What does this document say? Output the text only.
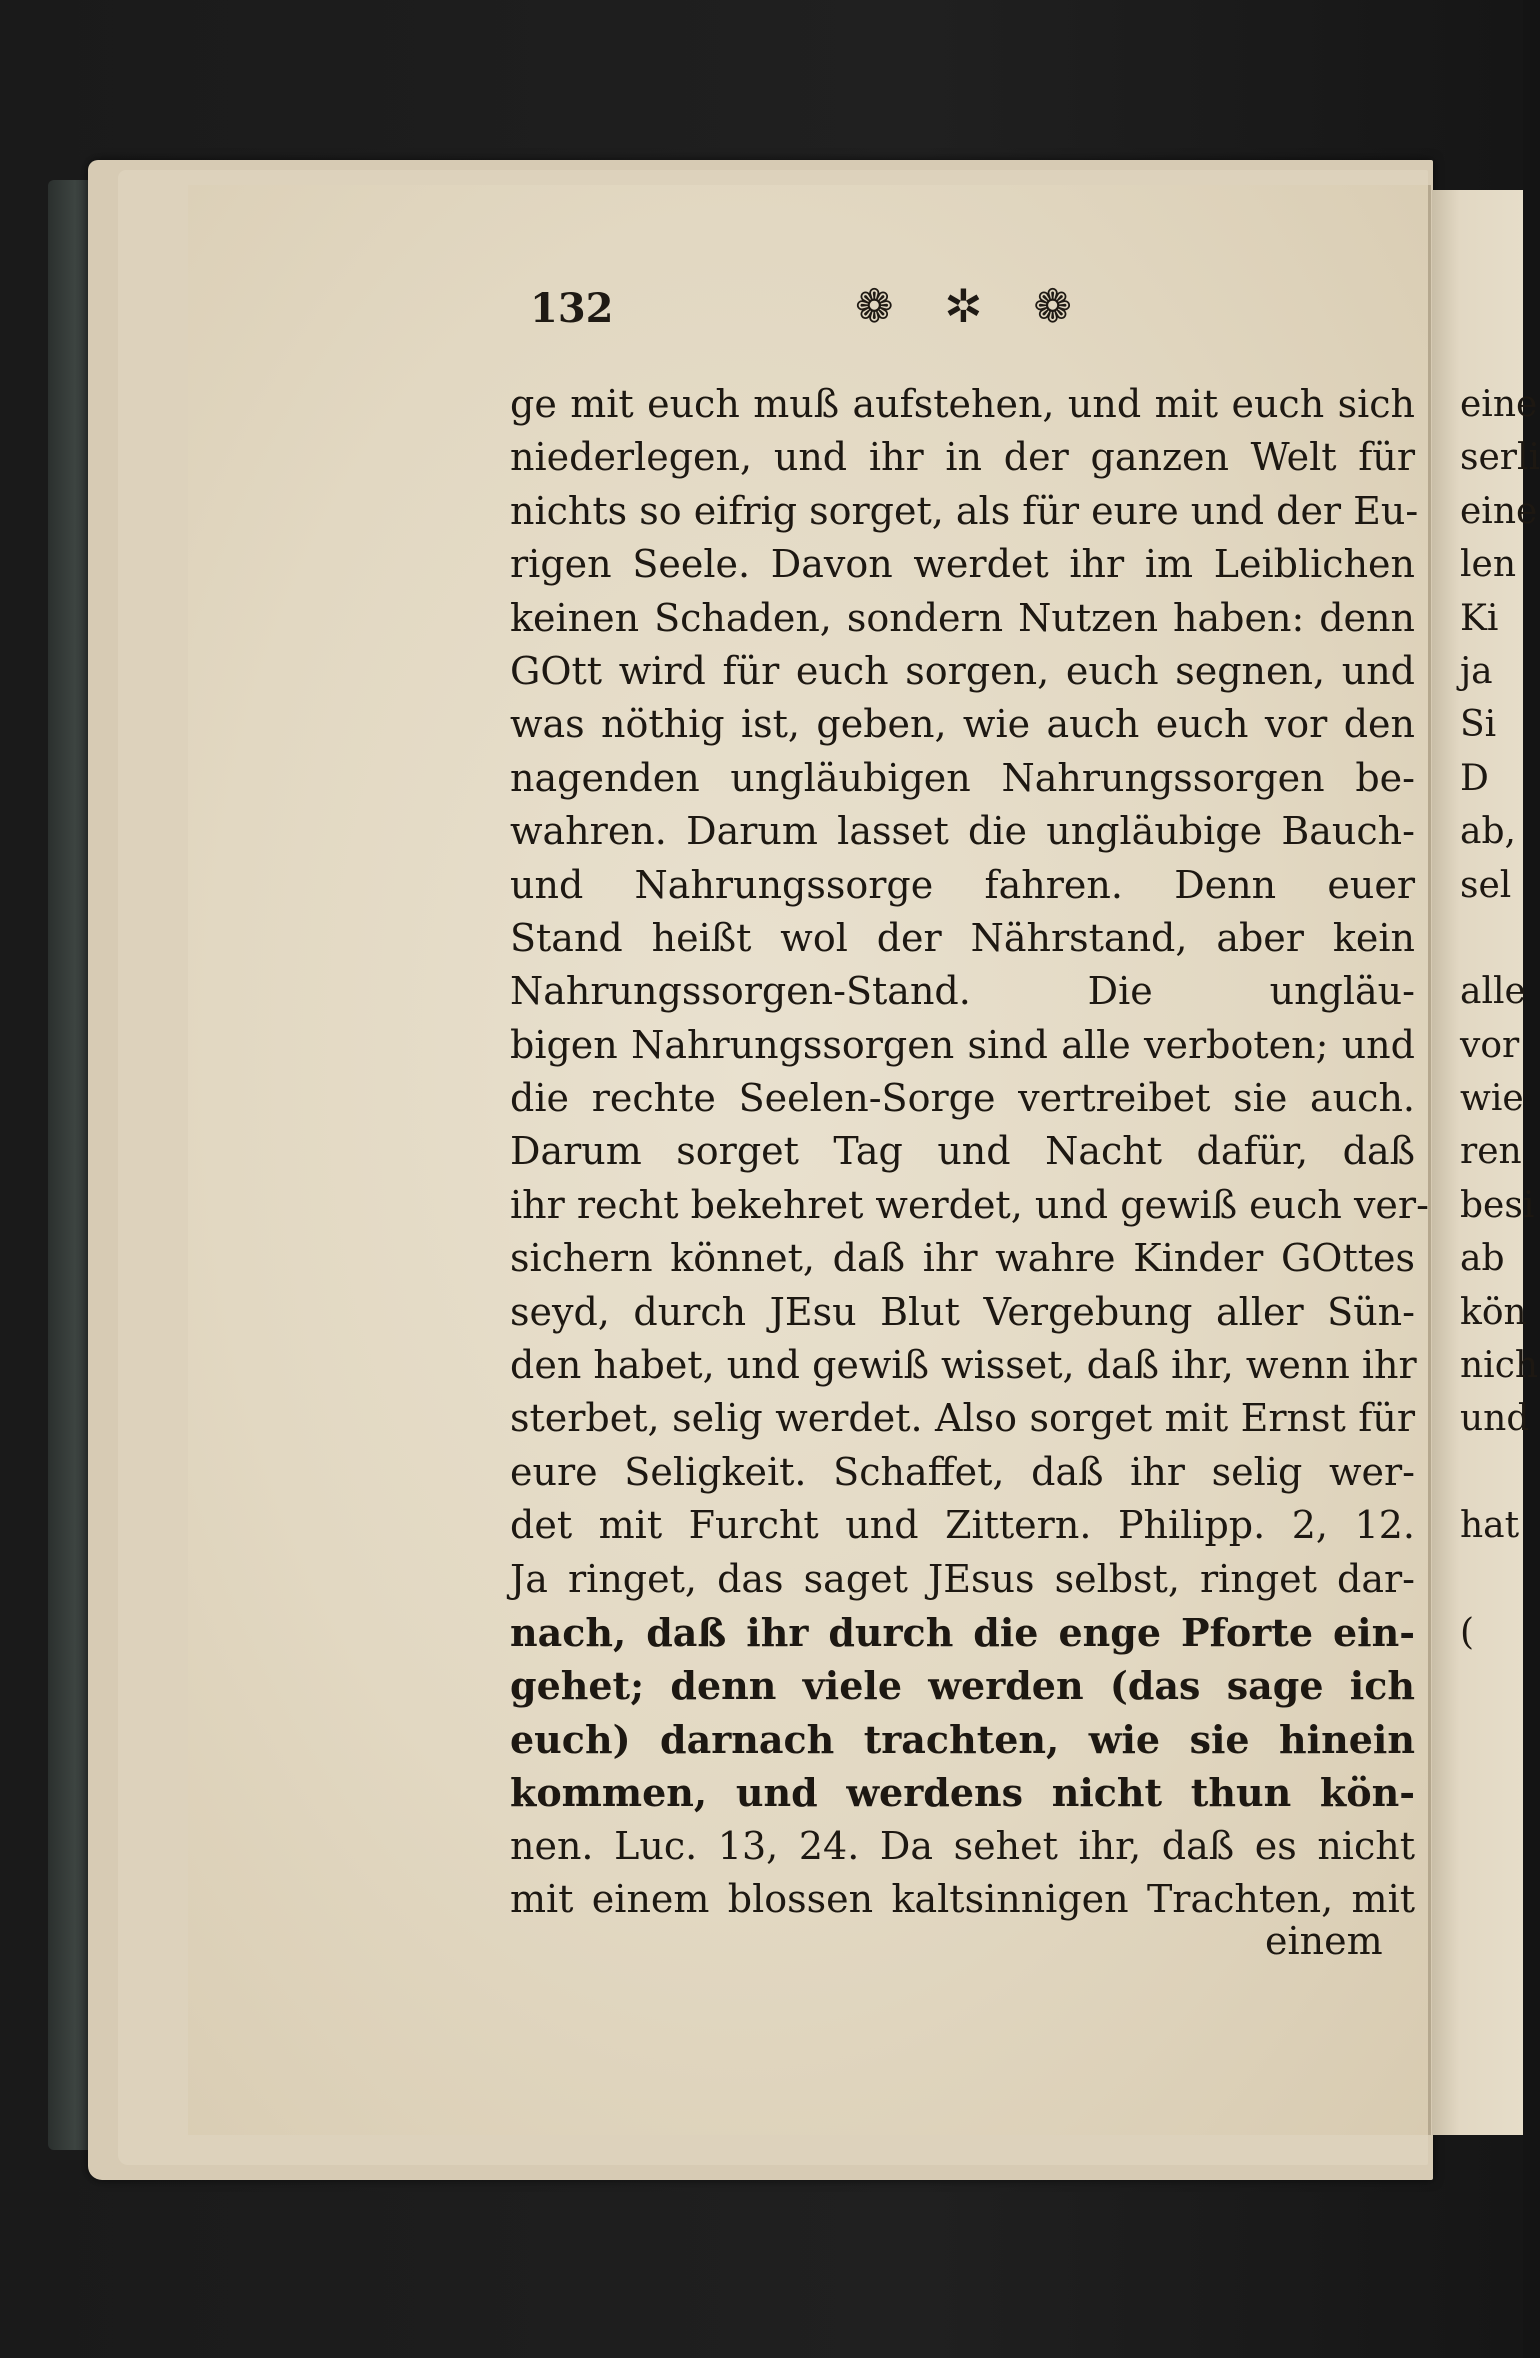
132	❁ ✲ ❁
ge mit euch muß aufstehen, und mit euch sich
niederlegen, und ihr in der ganzen Welt für
nichts so eifrig sorget, als für eure und der Eu-
rigen Seele. Davon werdet ihr im Leiblichen
keinen Schaden, sondern Nutzen haben: denn
GOtt wird für euch sorgen, euch segnen, und
was nöthig ist, geben, wie auch euch vor den
nagenden ungläubigen Nahrungssorgen be-
wahren. Darum lasset die ungläubige Bauch-
und Nahrungssorge fahren. Denn euer
Stand heißt wol der Nährstand, aber kein
Nahrungssorgen-Stand. Die ungläu-
bigen Nahrungssorgen sind alle verboten; und
die rechte Seelen-Sorge vertreibet sie auch.
Darum sorget Tag und Nacht dafür, daß
ihr recht bekehret werdet, und gewiß euch ver-
sichern könnet, daß ihr wahre Kinder GOttes
seyd, durch JEsu Blut Vergebung aller Sün-
den habet, und gewiß wisset, daß ihr, wenn ihr
sterbet, selig werdet. Also sorget mit Ernst für
eure Seligkeit. Schaffet, daß ihr selig wer-
det mit Furcht und Zittern. Philipp. 2, 12.
Ja ringet, das saget JEsus selbst, ringet dar-
nach, daß ihr durch die enge Pforte ein-
gehet; denn viele werden (das sage ich
euch) darnach trachten, wie sie hinein
kommen, und werdens nicht thun kön-
nen. Luc. 13, 24. Da sehet ihr, daß es nicht
mit einem blossen kaltsinnigen Trachten, mit
einem
eine
serli
eine
len
Ki
ja
Si
D
ab,
sel
alle
vor
wie
ren
besi
ab
kön
nich
und
hat
(
